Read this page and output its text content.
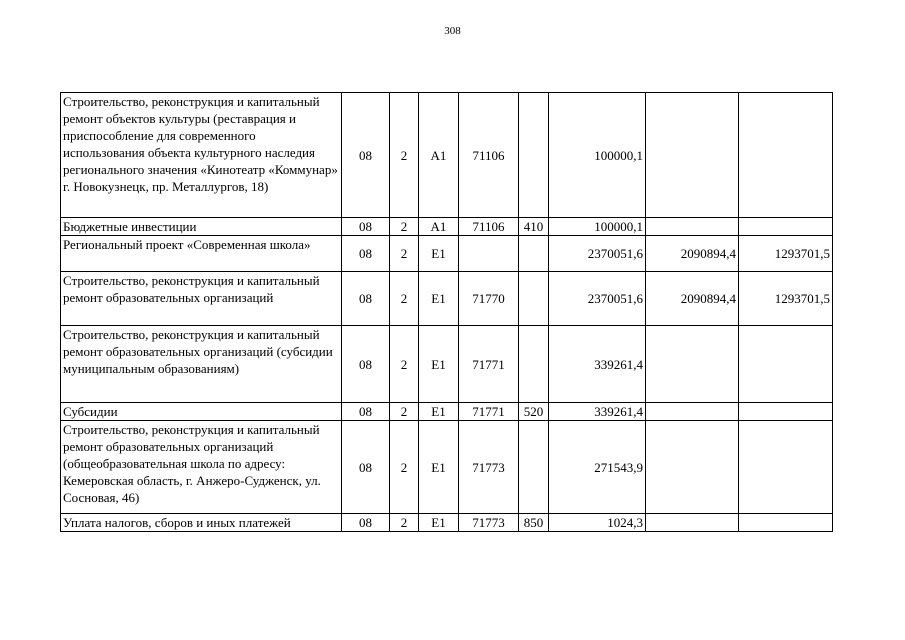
308
Строительство, реконструкция и капитальный ремонт объектов культуры (реставрация и приспособление для современного использования объекта культурного наследия регионального значения «Кинотеатр «Коммунар» г. Новокузнецк, пр. Металлургов, 18)	08	2	A1	71106		100000,1		
Бюджетные инвестиции	08	2	A1	71106	410	100000,1		
Региональный проект «Современная школа»	08	2	E1			2370051,6	2090894,4	1293701,5
Строительство, реконструкция и капитальный ремонт образовательных организаций	08	2	E1	71770		2370051,6	2090894,4	1293701,5
Строительство, реконструкция и капитальный ремонт образовательных организаций (субсидии муниципальным образованиям)	08	2	E1	71771		339261,4		
Субсидии	08	2	E1	71771	520	339261,4		
Строительство, реконструкция и капитальный ремонт образовательных организаций (общеобразовательная школа по адресу: Кемеровская область, г. Анжеро-Судженск, ул. Сосновая, 46)	08	2	E1	71773		271543,9		
Уплата налогов, сборов и иных платежей	08	2	E1	71773	850	1024,3		
